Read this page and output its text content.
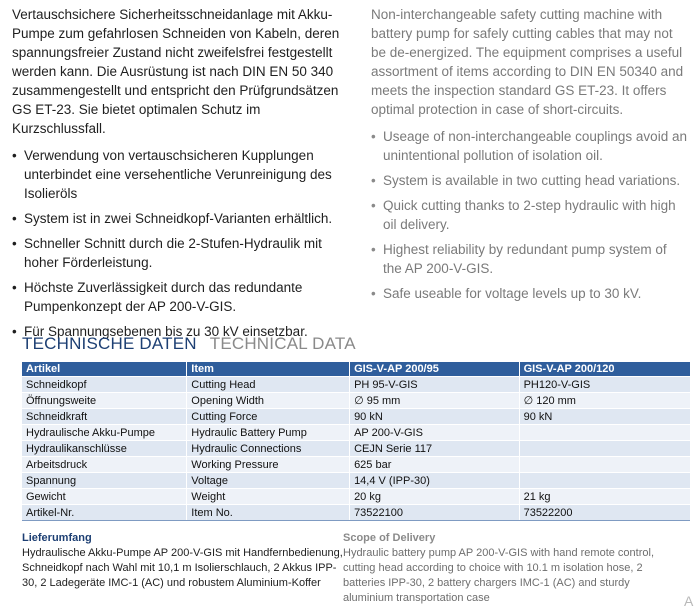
Vertauschsichere Sicherheitsschneidanlage mit Akku-Pumpe zum gefahrlosen Schneiden von Kabeln, deren spannungsfreier Zustand nicht zweifelsfrei festgestellt werden kann. Die Ausrüstung ist nach DIN EN 50 340 zusammengestellt und entspricht den Prüfgrundsätzen GS ET-23. Sie bietet optimalen Schutz im Kurzschlussfall.

• Verwendung von vertauschsicheren Kupplungen unterbindet eine versehentliche Verunreinigung des Isolieröls
• System ist in zwei Schneidkopf-Varianten erhältlich.
• Schneller Schnitt durch die 2-Stufen-Hydraulik mit hoher Förderleistung.
• Höchste Zuverlässigkeit durch das redundante Pumpenkonzept der AP 200-V-GIS.
• Für Spannungsebenen bis zu 30 kV einsetzbar.

Non-interchangeable safety cutting machine with battery pump for safely cutting cables that may not be de-energized. The equipment comprises a useful assortment of items according to DIN EN 50340 and meets the inspection standard GS ET-23. It offers optimal protection in case of short-circuits.

• Useage of non-interchangeable couplings avoid an unintentional pollution of isolation oil.
• System is available in two cutting head variations.
• Quick cutting thanks to 2-step hydraulic with high oil delivery.
• Highest reliability by redundant pump system of the AP 200-V-GIS.
• Safe useable for voltage levels up to 30 kV.
TECHNISCHE DATEN TECHNICAL DATA
Artikel	Item	GIS-V-AP 200/95	GIS-V-AP 200/120
Schneidkopf	Cutting Head	PH 95-V-GIS	PH120-V-GIS
Öffnungsweite	Opening Width	∅ 95 mm	∅ 120 mm
Schneidkraft	Cutting Force	90 kN	90 kN
Hydraulische Akku-Pumpe	Hydraulic Battery Pump	AP 200-V-GIS	
Hydraulikanschlüsse	Hydraulic Connections	CEJN Serie 117	
Arbeitsdruck	Working Pressure	625 bar	
Spannung	Voltage	14,4 V (IPP-30)	
Gewicht	Weight	20 kg	21 kg
Artikel-Nr.	Item No.	73522100	73522200
Lieferumfang
Hydraulische Akku-Pumpe AP 200-V-GIS mit Handfernbedienung, Schneidkopf nach Wahl mit 10,1 m Isolierschlauch, 2 Akkus IPP-30, 2 Ladegeräte IMC-1 (AC) und robustem Aluminium-Koffer
Scope of Delivery
Hydraulic battery pump AP 200-V-GIS with hand remote control, cutting head according to choice with 10.1 m isolation hose, 2 batteries IPP-30, 2 battery chargers IMC-1 (AC) and sturdy aluminium transportation case	A
